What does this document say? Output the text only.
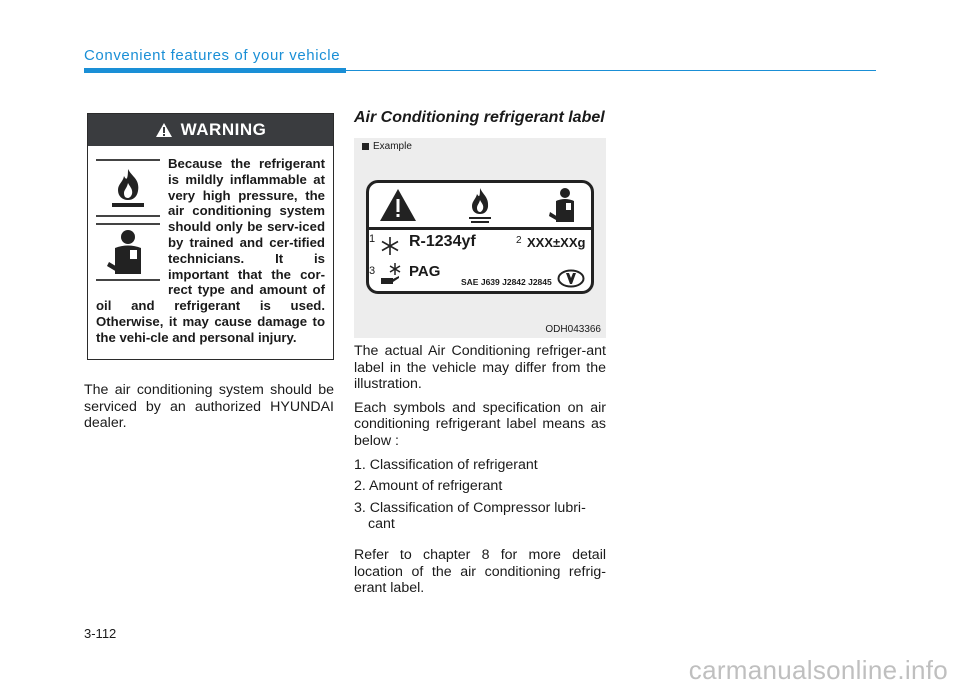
Convenient features of your vehicle
WARNING
Because the refrigerant is mildly inflammable at very high pressure, the air conditioning system should only be serv-iced by trained and cer-tified technicians. It is important that the cor-rect type and amount of oil and refrigerant is used. Otherwise, it may cause damage to the vehi-cle and personal injury.
The air conditioning system should be serviced by an authorized HYUNDAI dealer.
Air Conditioning refrigerant label
Example
1 R-1234yf	2 XXX±XXg
3 PAG
SAE J639 J2842 J2845
ODH043366

The actual Air Conditioning refriger-ant label in the vehicle may differ from the illustration.

Each symbols and specification on air conditioning refrigerant label means as below :

1. Classification of refrigerant

2. Amount of refrigerant

3. Classification of Compressor lubri-cant

Refer to chapter 8 for more detail location of the air conditioning refrig-erant label.

3-112
carmanualsonline.info
